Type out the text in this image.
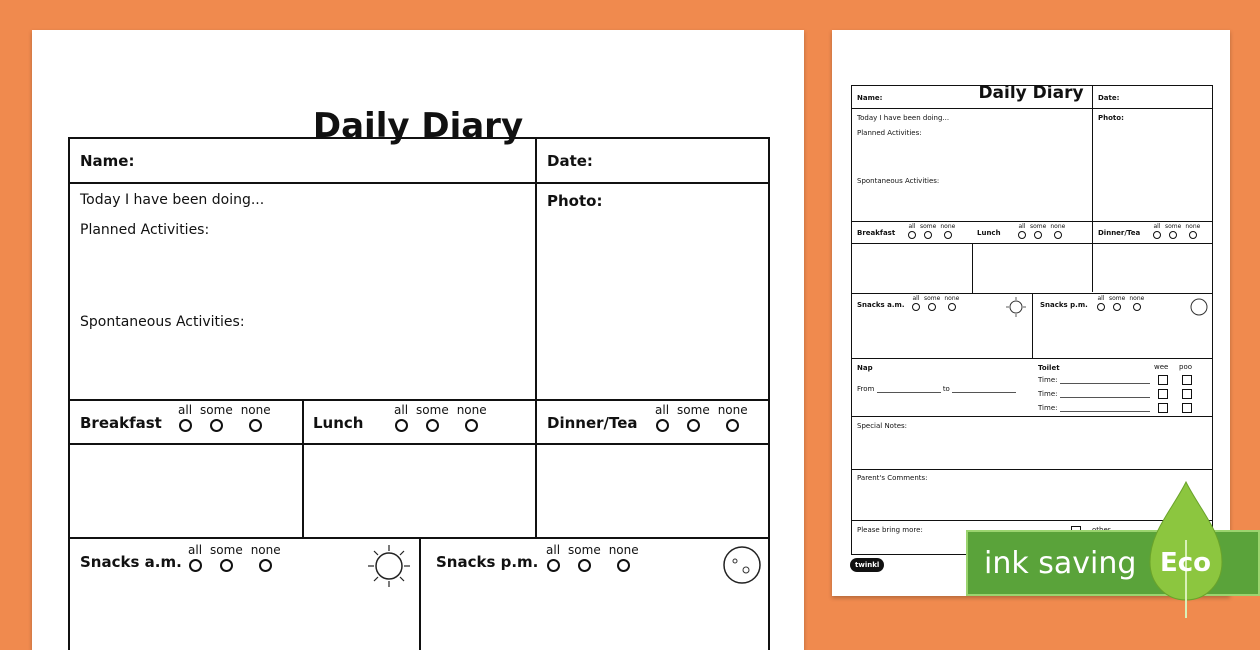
Daily Diary
Name:	Date:
Today I have been doing...
Planned Activities:
Spontaneous Activities:
Photo:
Breakfast
all some none
Lunch
all some none
Dinner/Tea
all some none
Snacks a.m.
all some none
Snacks p.m.
all some none
Daily Diary
Name:	Date:
Today I have been doing...
Planned Activities:
Spontaneous Activities:
Photo:
Breakfast
all some none
Lunch
all some none
Dinner/Tea
all some none
Snacks a.m.
all some none
Snacks p.m.
all some none
Nap
From	to
Toilet	wee poo
Time:
Time:
Time:
Special Notes:
Parent's Comments:
Please bring more:
twinkl	ink saving Eco
